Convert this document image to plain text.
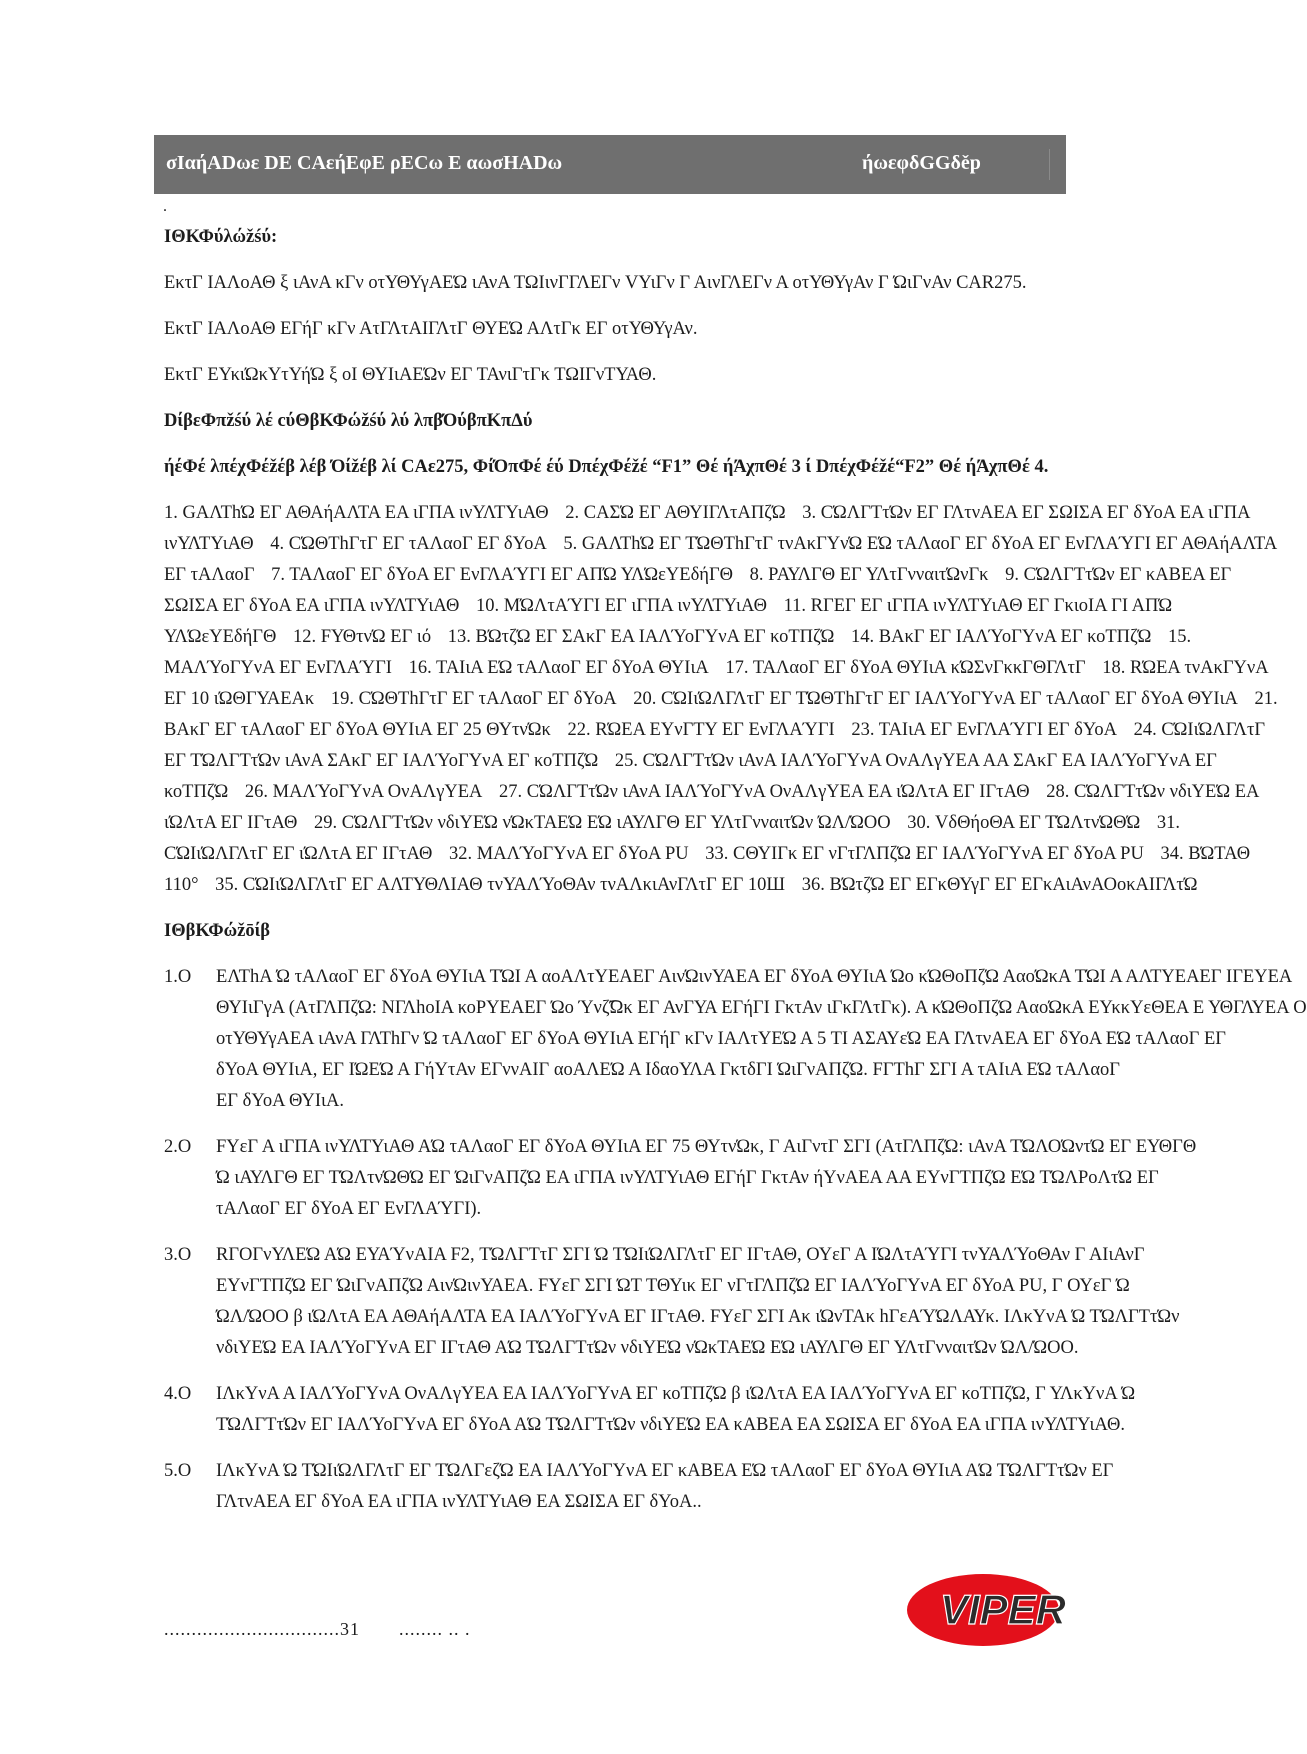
σΙαήΑDωε DE CΑεήΕφΕ ρΕCω Ε αωσΗΑDω	ήωεφδGGδěр
.

ΙΘΚΦύλώžśύ:

ΕκτΓ ΙΑΛοΑΘ ξ ιΑνΑ κΓν οτΥΘΥγΑΕΏ ιΑνΑ ΤΩΙινΓΓΛΕΓν VΥιΓν Γ ΑινΓΛΕΓν Α οτΥΘΥγΑν Γ ΏιΓνΑν CAR275.

ΕκτΓ ΙΑΛοΑΘ ΕΓήΓ κΓν ΑτΓΛτΑΙΓΛτΓ ΘΥΕΏ ΑΛτΓκ ΕΓ οτΥΘΥγΑν.

ΕκτΓ ΕΥκιΏκΥτΥήΏ ξ οΙ ΘΥΙιΑΕΏν ΕΓ ΤΑνιΓτΓκ ΤΩΙΓνΤΥΑΘ.

DίβεΦπžśύ λέ cύΘβΚΦώžśύ λύ λπβΌύβπΚπΔύ

ήέΦέ λπέχΦέžέβ λέβ Όίžέβ λί CΑε275, ΦίΌπΦέ έύ DπέχΦέžέ “F1” Θέ ήΆχπΘέ 3 ί DπέχΦέžέ“F2” Θέ ήΆχπΘέ 4.

1. GΑΛΤhΏ ΕΓ ΑΘΑήΑΛΤΑ ΕΑ ιΓΠΑ ινΥΛΤΥιΑΘ 2. CΑΣΏ ΕΓ ΑΘΥΙΓΛτΑΠζΏ 3. CΏΛΓΤτΏν ΕΓ ΓΛτνΑΕΑ ΕΓ ΣΩΙΣΑ ΕΓ δΥοΑ ΕΑ ιΓΠΑ ινΥΛΤΥιΑΘ 4. CΏΘΤhΓτΓ ΕΓ τΑΛαοΓ ΕΓ δΥοΑ 5. GΑΛΤhΏ ΕΓ ΤΏΘΤhΓτΓ τνΑκΓΥνΏ ΕΏ τΑΛαοΓ ΕΓ δΥοΑ ΕΓ ΕνΓΛΑΎΓΙ ΕΓ ΑΘΑήΑΛΤΑ ΕΓ τΑΛαοΓ 7. ΤΑΛαοΓ ΕΓ δΥοΑ ΕΓ ΕνΓΛΑΎΓΙ ΕΓ ΑΠΏ ΥΛΏεΥΕδήΓΘ 8. ΡΑΥΛΓΘ ΕΓ ΥΛτΓνναιτΏνΓκ 9. CΏΛΓΤτΏν ΕΓ κΑΒΕΑ ΕΓ ΣΩΙΣΑ ΕΓ δΥοΑ ΕΑ ιΓΠΑ ινΥΛΤΥιΑΘ 10. ΜΏΛτΑΎΓΙ ΕΓ ιΓΠΑ ινΥΛΤΥιΑΘ 11. RΓΕΓ ΕΓ ιΓΠΑ ινΥΛΤΥιΑΘ ΕΓ ΓκιοΙΑ ΓΙ ΑΠΏ ΥΛΏεΥΕδήΓΘ 12. FΥΘτνΏ ΕΓ ιό 13. ΒΏτζΏ ΕΓ ΣΑκΓ ΕΑ ΙΑΛΎοΓΥνΑ ΕΓ κοΤΠζΏ 14. ΒΑκΓ ΕΓ ΙΑΛΎοΓΥνΑ ΕΓ κοΤΠζΏ 15. ΜΑΛΎοΓΥνΑ ΕΓ ΕνΓΛΑΎΓΙ 16. ΤΑΙιΑ ΕΏ τΑΛαοΓ ΕΓ δΥοΑ ΘΥΙιΑ 17. ΤΑΛαοΓ ΕΓ δΥοΑ ΘΥΙιΑ κΏΣνΓκκΓΘΓΛτΓ 18. RΏΕΑ τνΑκΓΥνΑ ΕΓ 10 ιΏΘΓΥΑΕΑκ 19. CΏΘΤhΓτΓ ΕΓ τΑΛαοΓ ΕΓ δΥοΑ 20. CΏΙιΏΛΓΛτΓ ΕΓ ΤΏΘΤhΓτΓ ΕΓ ΙΑΛΎοΓΥνΑ ΕΓ τΑΛαοΓ ΕΓ δΥοΑ ΘΥΙιΑ 21. ΒΑκΓ ΕΓ τΑΛαοΓ ΕΓ δΥοΑ ΘΥΙιΑ ΕΓ 25 ΘΥτνΏκ 22. RΏΕΑ ΕΥνΓΤΥ ΕΓ ΕνΓΛΑΎΓΙ 23. ΤΑΙιΑ ΕΓ ΕνΓΛΑΎΓΙ ΕΓ δΥοΑ 24. CΏΙιΏΛΓΛτΓ ΕΓ ΤΏΛΓΤτΏν ιΑνΑ ΣΑκΓ ΕΓ ΙΑΛΎοΓΥνΑ ΕΓ κοΤΠζΏ 25. CΏΛΓΤτΏν ιΑνΑ ΙΑΛΎοΓΥνΑ ΟνΑΛγΥΕΑ ΑΑ ΣΑκΓ ΕΑ ΙΑΛΎοΓΥνΑ ΕΓ κοΤΠζΏ 26. ΜΑΛΎοΓΥνΑ ΟνΑΛγΥΕΑ 27. CΏΛΓΤτΏν ιΑνΑ ΙΑΛΎοΓΥνΑ ΟνΑΛγΥΕΑ ΕΑ ιΏΛτΑ ΕΓ ΙΓτΑΘ 28. CΏΛΓΤτΏν νδιΥΕΏ ΕΑ ιΏΛτΑ ΕΓ ΙΓτΑΘ 29. CΏΛΓΤτΏν νδιΥΕΏ νΏκΤΑΕΏ ΕΏ ιΑΥΛΓΘ ΕΓ ΥΛτΓνναιτΏν ΏΛ/ΏΟΟ 30. VδΘήοΘΑ ΕΓ ΤΏΛτνΏΘΏ 31. CΏΙιΏΛΓΛτΓ ΕΓ ιΏΛτΑ ΕΓ ΙΓτΑΘ 32. ΜΑΛΎοΓΥνΑ ΕΓ δΥοΑ PU 33. CΘΥΙΓκ ΕΓ νΓτΓΛΠζΏ ΕΓ ΙΑΛΎοΓΥνΑ ΕΓ δΥοΑ PU 34. ΒΏΤΑΘ 110° 35. CΏΙιΏΛΓΛτΓ ΕΓ ΑΛΤΥΘΛΙΑΘ τνΥΑΛΎοΘΑν τνΑΛκιΑνΓΛτΓ ΕΓ 10Ш 36. ΒΏτζΏ ΕΓ ΕΓκΘΥγΓ ΕΓ ΕΓκΑιΑνΑΟοκΑΙΓΛτΏ

ΙΘβΚΦώžōίβ

1.Ο ΕΛΤhΑ Ώ τΑΛαοΓ ΕΓ δΥοΑ ΘΥΙιΑ ΤΏΙ Α αοΑΛτΥΕΑΕΓ ΑινΏινΥΑΕΑ ΕΓ δΥοΑ ΘΥΙιΑ Ώο κΏΘοΠζΏ ΑαοΏκΑ ΤΏΙ Α ΑΛΤΥΕΑΕΓ ΙΓΕΥΕΑ
ΘΥΙιΓγΑ (ΑτΓΛΠζΏ: ΝΓΛhοΙΑ κοΡΥΕΑΕΓ Ώο Ύνζ͡Ώκ ΕΓ ΑνΓΥΑ ΕΓήΓΙ ΓκτΑν ιΓκΓΛτΓκ). Α κΏΘοΠζΏ ΑαοΏκΑ ΕΥκκΥεΘΕΑ Ε ΥΘΓΛΥΕΑ Ο
οτΥΘΥγΑΕΑ ιΑνΑ ΓΛΤhΓν Ώ τΑΛαοΓ ΕΓ δΥοΑ ΘΥΙιΑ ΕΓήΓ κΓν ΙΑΛτΥΕΏ Α 5 ΤΙ ΑΣΑΥεΏ ΕΑ ΓΛτνΑΕΑ ΕΓ δΥοΑ ΕΏ τΑΛαοΓ ΕΓ
δΥοΑ ΘΥΙιΑ, ΕΓ ΙΏΕΏ Α ΓήΥτΑν ΕΓννΑΙΓ αοΑΛΕΏ Α ΙδαοΥΛΑ ΓκτδΓΙ ΏιΓνΑΠζΏ. FΓΤhΓ ΣΓΙ Α τΑΙιΑ ΕΏ τΑΛαοΓ
ΕΓ δΥοΑ ΘΥΙιΑ.
2.Ο FΥεΓ Α ιΓΠΑ ινΥΛΤΥιΑΘ ΑΏ τΑΛαοΓ ΕΓ δΥοΑ ΘΥΙιΑ ΕΓ 75 ΘΥτνΏκ, Γ ΑιΓντΓ ΣΓΙ (ΑτΓΛΠζΏ: ιΑνΑ ΤΏΛΟΏντΏ ΕΓ ΕΥΘΓΘ
Ώ ιΑΥΛΓΘ ΕΓ ΤΏΛτνΏΘΏ ΕΓ ΏιΓνΑΠζΏ ΕΑ ιΓΠΑ ινΥΛΤΥιΑΘ ΕΓήΓ ΓκτΑν ήΥνΑΕΑ ΑΑ ΕΥνΓΤΠζΏ ΕΏ ΤΏΛΡοΛτΏ ΕΓ
τΑΛαοΓ ΕΓ δΥοΑ ΕΓ ΕνΓΛΑΎΓΙ).
3.Ο RΓΟΓνΥΛΕΏ ΑΏ ΕΥΑΎνΑΙΑ F2, ΤΏΛΓΤτΓ ΣΓΙ Ώ ΤΏΙιΏΛΓΛτΓ ΕΓ ΙΓτΑΘ, ΟΥεΓ Α ΙΏΛτΑΎΓΙ τνΥΑΛΎοΘΑν Γ ΑΙιΑνΓ
ΕΥνΓΤΠζΏ ΕΓ ΏιΓνΑΠζΏ ΑινΏινΥΑΕΑ. FΥεΓ ΣΓΙ ΏΤ ΤΘΥικ ΕΓ νΓτΓΛΠζΏ ΕΓ ΙΑΛΎοΓΥνΑ ΕΓ δΥοΑ PU, Γ ΟΥεΓ Ώ
ΏΛ/ΏΟΟ β ιΏΛτΑ ΕΑ ΑΘΑήΑΛΤΑ ΕΑ ΙΑΛΎοΓΥνΑ ΕΓ ΙΓτΑΘ. FΥεΓ ΣΓΙ Ακ ιΏνΤΑκ hΓεΑΎΏΛΑΥκ. ΙΛκΥνΑ Ώ ΤΏΛΓΤτΏν
νδιΥΕΏ ΕΑ ΙΑΛΎοΓΥνΑ ΕΓ ΙΓτΑΘ ΑΏ ΤΏΛΓΤτΏν νδιΥΕΏ νΏκΤΑΕΏ ΕΏ ιΑΥΛΓΘ ΕΓ ΥΛτΓνναιτΏν ΏΛ/ΏΟΟ.
4.Ο ΙΛκΥνΑ Α ΙΑΛΎοΓΥνΑ ΟνΑΛγΥΕΑ ΕΑ ΙΑΛΎοΓΥνΑ ΕΓ κοΤΠζΏ β ιΏΛτΑ ΕΑ ΙΑΛΎοΓΥνΑ ΕΓ κοΤΠζΏ, Γ ΥΛκΥνΑ Ώ
ΤΏΛΓΤτΏν ΕΓ ΙΑΛΎοΓΥνΑ ΕΓ δΥοΑ ΑΏ ΤΏΛΓΤτΏν νδιΥΕΏ ΕΑ κΑΒΕΑ ΕΑ ΣΩΙΣΑ ΕΓ δΥοΑ ΕΑ ιΓΠΑ ινΥΛΤΥιΑΘ.
5.Ο ΙΛκΥνΑ Ώ ΤΏΙιΏΛΓΛτΓ ΕΓ ΤΏΛΓεζΏ ΕΑ ΙΑΛΎοΓΥνΑ ΕΓ κΑΒΕΑ ΕΏ τΑΛαοΓ ΕΓ δΥοΑ ΘΥΙιΑ ΑΏ ΤΏΛΓΤτΏν ΕΓ
ΓΛτνΑΕΑ ΕΓ δΥοΑ ΕΑ ιΓΠΑ ινΥΛΤΥιΑΘ ΕΑ ΣΩΙΣΑ ΕΓ δΥοΑ..
................................31 ........ .. .	VIPER
